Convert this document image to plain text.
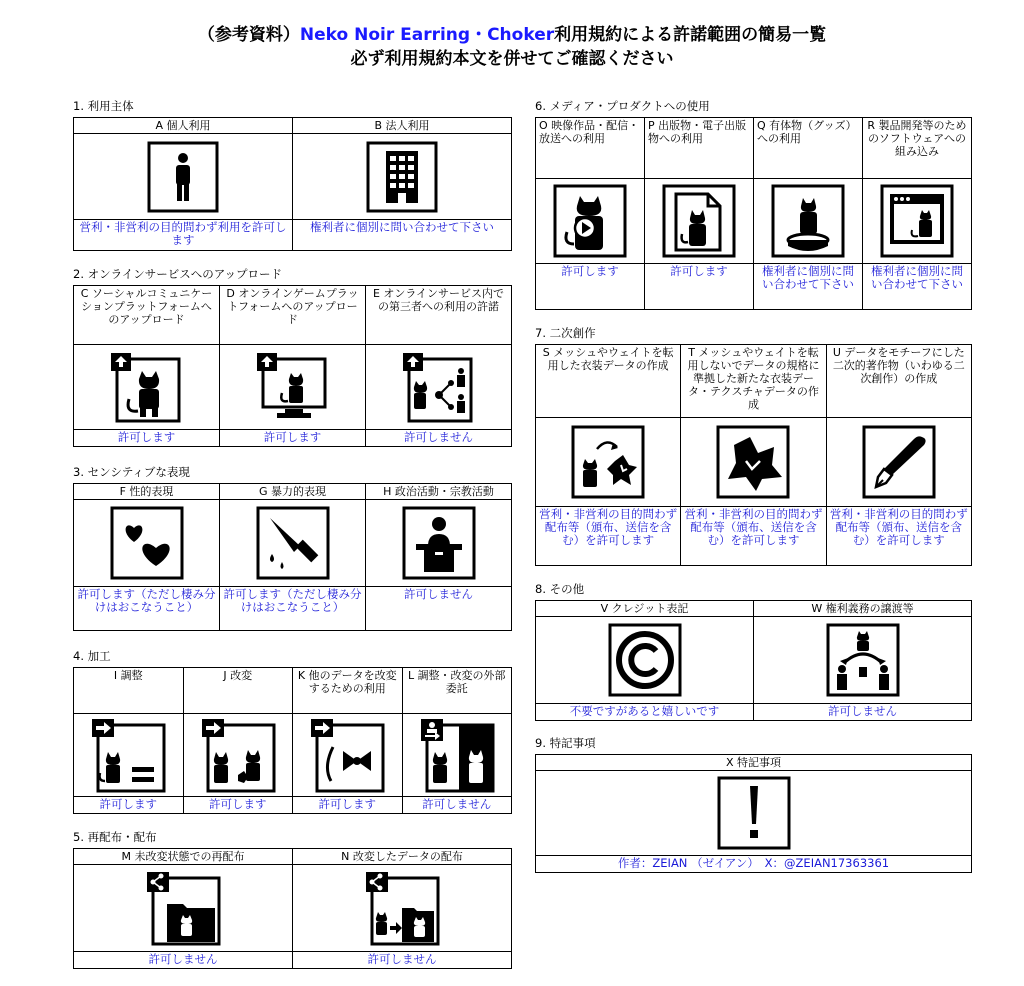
（参考資料）Neko Noir Earring・Choker利用規約による許諾範囲の簡易一覧
必ず利用規約本文を併せてご確認ください
1. 利用主体
A 個人利用
営利・非営利の目的問わず利用を許可します
B 法人利用
権利者に個別に問い合わせて下さい
2. オンラインサービスへのアップロード
C ソーシャルコミュニケーションプラットフォームへのアップロード
許可します
D オンラインゲームプラットフォームへのアップロード
許可します
E オンラインサービス内での第三者への利用の許諾
許可しません
3. センシティブな表現
F 性的表現
許可します（ただし棲み分けはおこなうこと）
G 暴力的表現
許可します（ただし棲み分けはおこなうこと）
H 政治活動・宗教活動
許可しません
4. 加工
I 調整
許可します
J 改変
許可します
K 他のデータを改変するための利用
許可します
L 調整・改変の外部委託
許可しません
5. 再配布・配布
M 未改変状態での再配布
許可しません
N 改変したデータの配布
許可しません
6. メディア・プロダクトへの使用
O 映像作品・配信・放送への利用
許可します
P 出版物・電子出版物への利用
許可します
Q 有体物（グッズ）への利用
権利者に個別に問い合わせて下さい
R 製品開発等のためのソフトウェアへの組み込み
権利者に個別に問い合わせて下さい
7. 二次創作
S メッシュやウェイトを転用した衣装データの作成
営利・非営利の目的問わず配布等（頒布、送信を含む）を許可します
T メッシュやウェイトを転用しないでデータの規格に準拠した新たな衣装データ・テクスチャデータの作成
営利・非営利の目的問わず配布等（頒布、送信を含む）を許可します
U データをモチーフにした二次的著作物（いわゆる二次創作）の作成
営利・非営利の目的問わず配布等（頒布、送信を含む）を許可します
8. その他
V クレジット表記
不要ですがあると嬉しいです
W 権利義務の譲渡等
許可しません
9. 特記事項
X 特記事項
作者：ZEIAN （ゼイアン）　X：@ZEIAN17363361
